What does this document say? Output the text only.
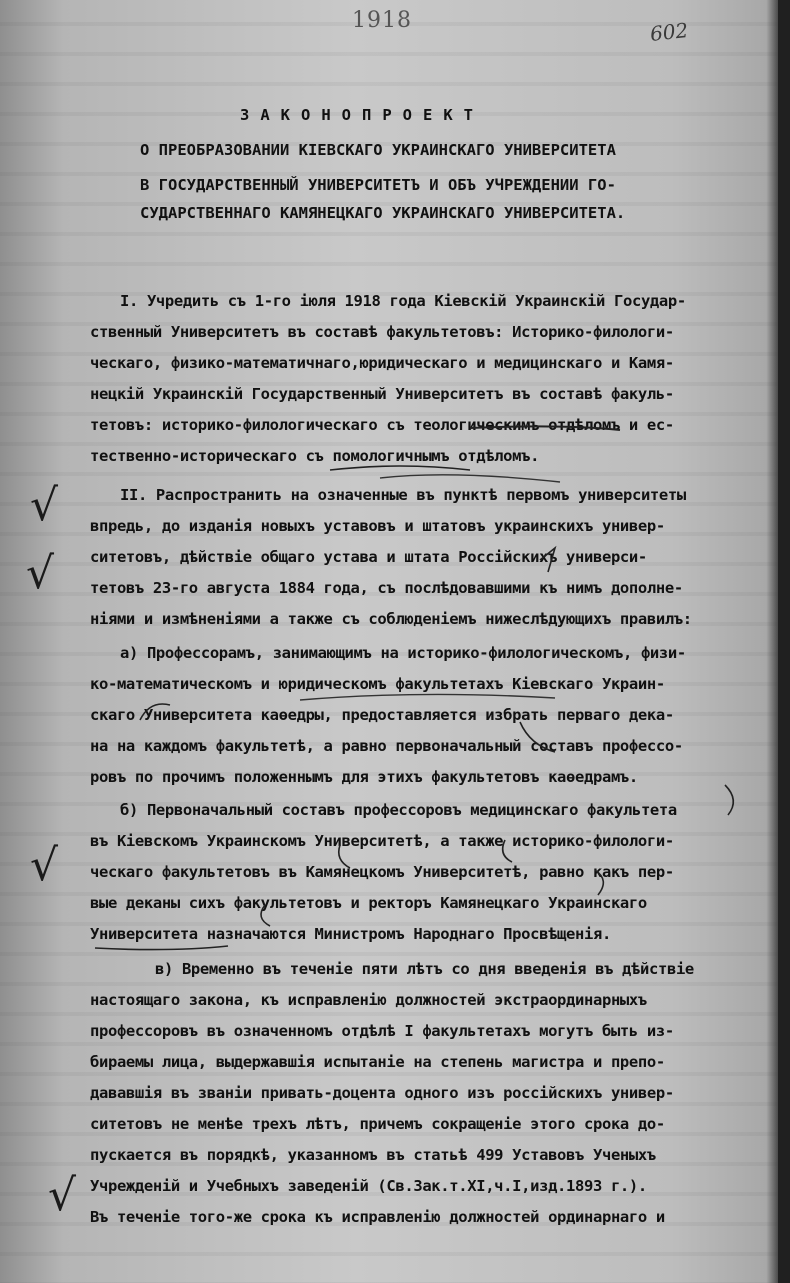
1918	602
ЗАКОНОПРОЕКТ
О ПРЕОБРАЗОВАНИИ КІЕВСКАГО УКРАИНСКАГО УНИВЕРСИТЕТА
В ГОСУДАРСТВЕННЫЙ УНИВЕРСИТЕТЪ И ОБЪ УЧРЕЖДЕНИИ ГО-
СУДАРСТВЕННАГО КАМЯНЕЦКАГО УКРАИНСКАГО УНИВЕРСИТЕТА.
I. Учредить съ 1-го іюля 1918 года Кіевскій Украинскій Государ-
ственный Университетъ въ составѣ факультетовъ: Историко-филологи-
ческаго, физико-математичнаго,юридическаго и медицинскаго и Камя-
нецкій Украинскій Государственный Университетъ въ составѣ факуль-
тетовъ: историко-филологическаго съ теологическимъ отдѣломъ и ес-
тественно-историческаго съ помологичнымъ отдѣломъ.
II. Распространить на означенные въ пунктѣ первомъ университеты
впредь, до изданія новыхъ уставовъ и штатовъ украинскихъ универ-
ситетовъ, дѣйствіе общаго устава и штата Россійскихъ универси-
тетовъ 23-го августа 1884 года, съ послѣдовавшими къ нимъ дополне-
ніями и измѣненіями а также съ соблюденіемъ нижеслѣдующихъ правилъ:
а) Профессорамъ, занимающимъ на историко-филологическомъ, физи-
ко-математическомъ и юридическомъ факультетахъ Кіевскаго Украин-
скаго Университета каѳедры, предоставляется избрать перваго дека-
на на каждомъ факультетѣ, а равно первоначальный составъ профессо-
ровъ по прочимъ положеннымъ для этихъ факультетовъ каѳедрамъ.
б) Первоначальный составъ профессоровъ медицинскаго факультета
въ Кіевскомъ Украинскомъ Университетѣ, а также историко-филологи-
ческаго факультетовъ въ Камянецкомъ Университетѣ, равно какъ пер-
вые деканы сихъ факультетовъ и ректоръ Камянецкаго Украинскаго
Университета назначаются Министромъ Народнаго Просвѣщенія.
в) Временно въ теченіе пяти лѣтъ со дня введенія въ дѣйствіе
настоящаго закона, къ исправленію должностей экстраординарныхъ
профессоровъ въ означенномъ отдѣлѣ I факультетахъ могутъ быть из-
бираемы лица, выдержавшія испытаніе на степень магистра и препо-
дававшія въ званіи привать-доцента одного изъ россійскихъ универ-
ситетовъ не менѣе трехъ лѣтъ, причемъ сокращеніе этого срока до-
пускается въ порядкѣ, указанномъ въ статьѣ 499 Уставовъ Ученыхъ
Учрежденій и Учебныхъ заведеній (Св.Зак.т.XI,ч.I,изд.1893 г.).
Въ теченіе того-же срока къ исправленію должностей ординарнаго и
√
√
√
√
